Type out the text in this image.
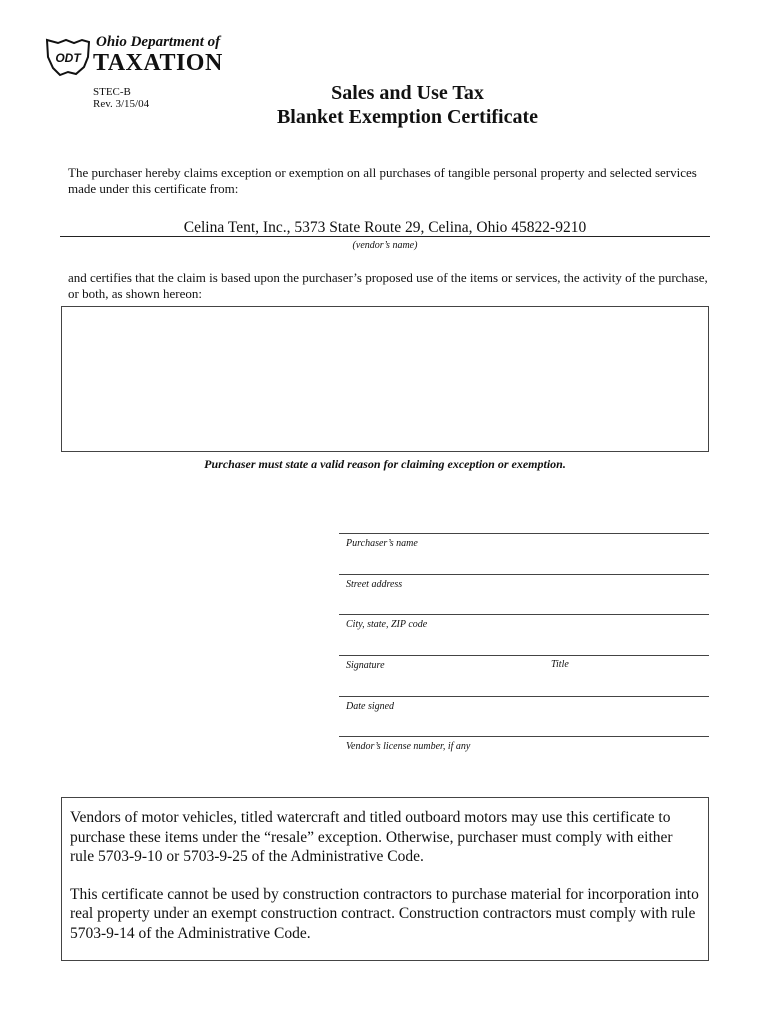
ODT
Ohio Department of
TAXATION
STEC-B
Rev. 3/15/04	Sales and Use Tax
Blanket Exemption Certificate
The purchaser hereby claims exception or exemption on all purchases of tangible personal property and selected services made under this certificate from:
Celina Tent, Inc., 5373 State Route 29, Celina, Ohio 45822-9210
(vendor’s name)
and certifies that the claim is based upon the purchaser’s proposed use of the items or services, the activity of the purchase, or both, as shown hereon:
Purchaser must state a valid reason for claiming exception or exemption.
Purchaser’s name
Street address
City, state, ZIP code
Signature	Title
Date signed
Vendor’s license number, if any

Vendors of motor vehicles, titled watercraft and titled outboard motors may use this certificate to purchase these items under the “resale” exception. Otherwise, purchaser must comply with either rule 5703-9-10 or 5703-9-25 of the Administrative Code.

This certificate cannot be used by construction contractors to purchase material for incorporation into real property under an exempt construction contract. Construction contractors must comply with rule 5703-9-14 of the Administrative Code.
